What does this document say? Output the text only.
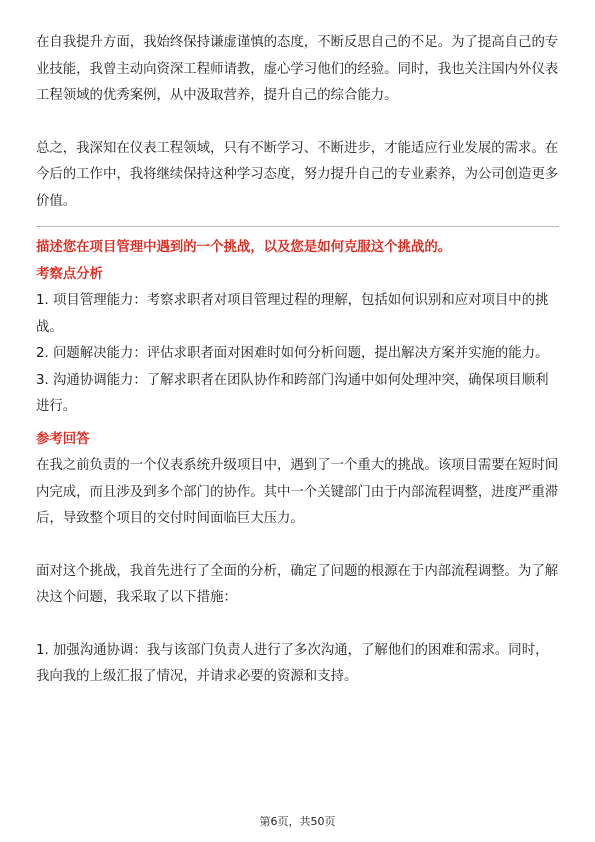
在自我提升方面，我始终保持谦虚谨慎的态度，不断反思自己的不足。为了提高自己的专业技能，我曾主动向资深工程师请教，虚心学习他们的经验。同时，我也关注国内外仪表工程领域的优秀案例，从中汲取营养，提升自己的综合能力。

总之，我深知在仪表工程领域，只有不断学习、不断进步，才能适应行业发展的需求。在今后的工作中，我将继续保持这种学习态度，努力提升自己的专业素养，为公司创造更多价值。

描述您在项目管理中遇到的一个挑战，以及您是如何克服这个挑战的。

考察点分析

1. 项目管理能力：考察求职者对项目管理过程的理解，包括如何识别和应对项目中的挑战。

2. 问题解决能力：评估求职者面对困难时如何分析问题，提出解决方案并实施的能力。

3. 沟通协调能力：了解求职者在团队协作和跨部门沟通中如何处理冲突，确保项目顺利进行。

参考回答

在我之前负责的一个仪表系统升级项目中，遇到了一个重大的挑战。该项目需要在短时间内完成，而且涉及到多个部门的协作。其中一个关键部门由于内部流程调整，进度严重滞后，导致整个项目的交付时间面临巨大压力。

面对这个挑战，我首先进行了全面的分析，确定了问题的根源在于内部流程调整。为了解决这个问题，我采取了以下措施：

1. 加强沟通协调：我与该部门负责人进行了多次沟通，了解他们的困难和需求。同时，我向我的上级汇报了情况，并请求必要的资源和支持。

第6页，共50页
